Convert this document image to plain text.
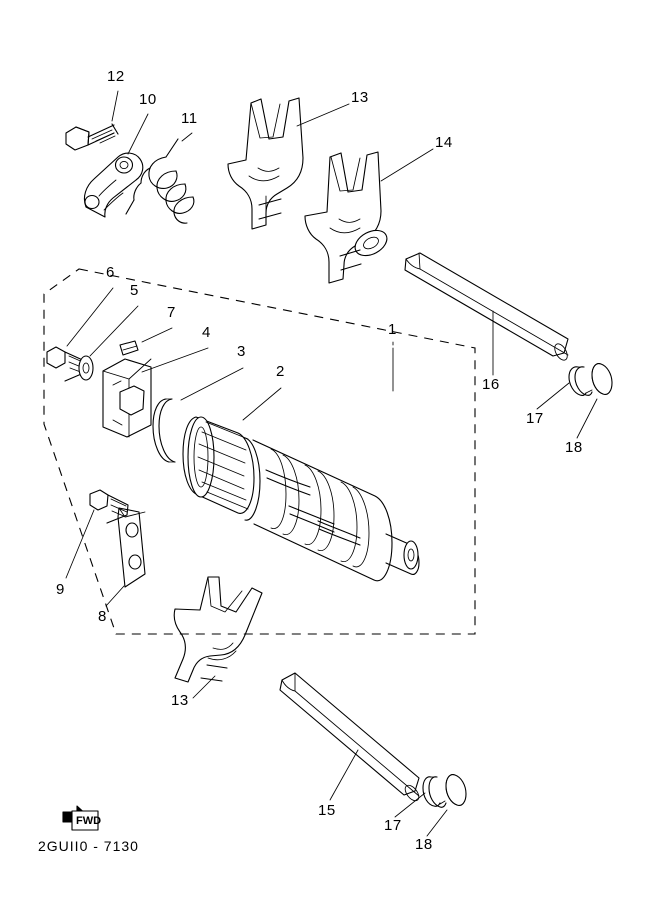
12
10
11
13
14
6
5
7
4
3
2
1
16
17
18
9
8
13
15
17
18
FWD
2GUII0 - 7130
